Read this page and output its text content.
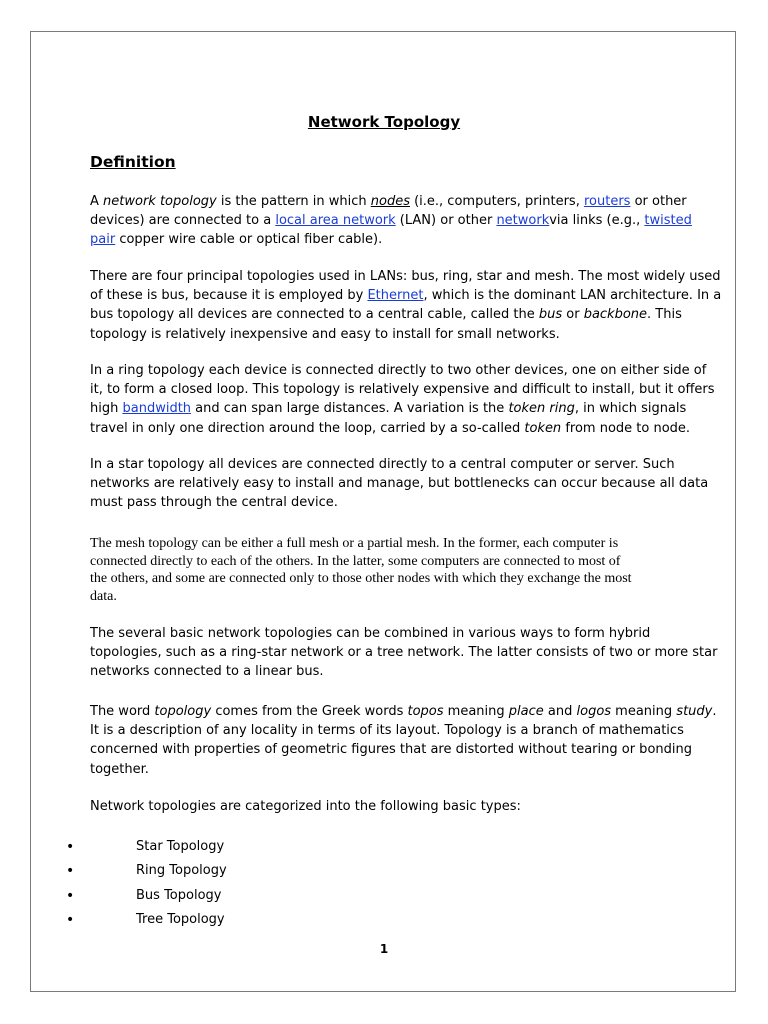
Network Topology
Definition
A network topology is the pattern in which nodes (i.e., computers, printers, routers or other
devices) are connected to a local area network (LAN) or other networkvia links (e.g., twisted
pair copper wire cable or optical fiber cable).
There are four principal topologies used in LANs: bus, ring, star and mesh. The most widely used
of these is bus, because it is employed by Ethernet, which is the dominant LAN architecture. In a
bus topology all devices are connected to a central cable, called the bus or backbone. This
topology is relatively inexpensive and easy to install for small networks.
In a ring topology each device is connected directly to two other devices, one on either side of
it, to form a closed loop. This topology is relatively expensive and difficult to install, but it offers
high bandwidth and can span large distances. A variation is the token ring, in which signals
travel in only one direction around the loop, carried by a so-called token from node to node.
In a star topology all devices are connected directly to a central computer or server. Such
networks are relatively easy to install and manage, but bottlenecks can occur because all data
must pass through the central device.
The mesh topology can be either a full mesh or a partial mesh. In the former, each computer is
connected directly to each of the others. In the latter, some computers are connected to most of
the others, and some are connected only to those other nodes with which they exchange the most
data.
The several basic network topologies can be combined in various ways to form hybrid
topologies, such as a ring-star network or a tree network. The latter consists of two or more star
networks connected to a linear bus.
The word topology comes from the Greek words topos meaning place and logos meaning study.
It is a description of any locality in terms of its layout. Topology is a branch of mathematics
concerned with properties of geometric figures that are distorted without tearing or bonding
together.
Network topologies are categorized into the following basic types:
•	Star Topology
•	Ring Topology
•	Bus Topology
•	Tree Topology
1
